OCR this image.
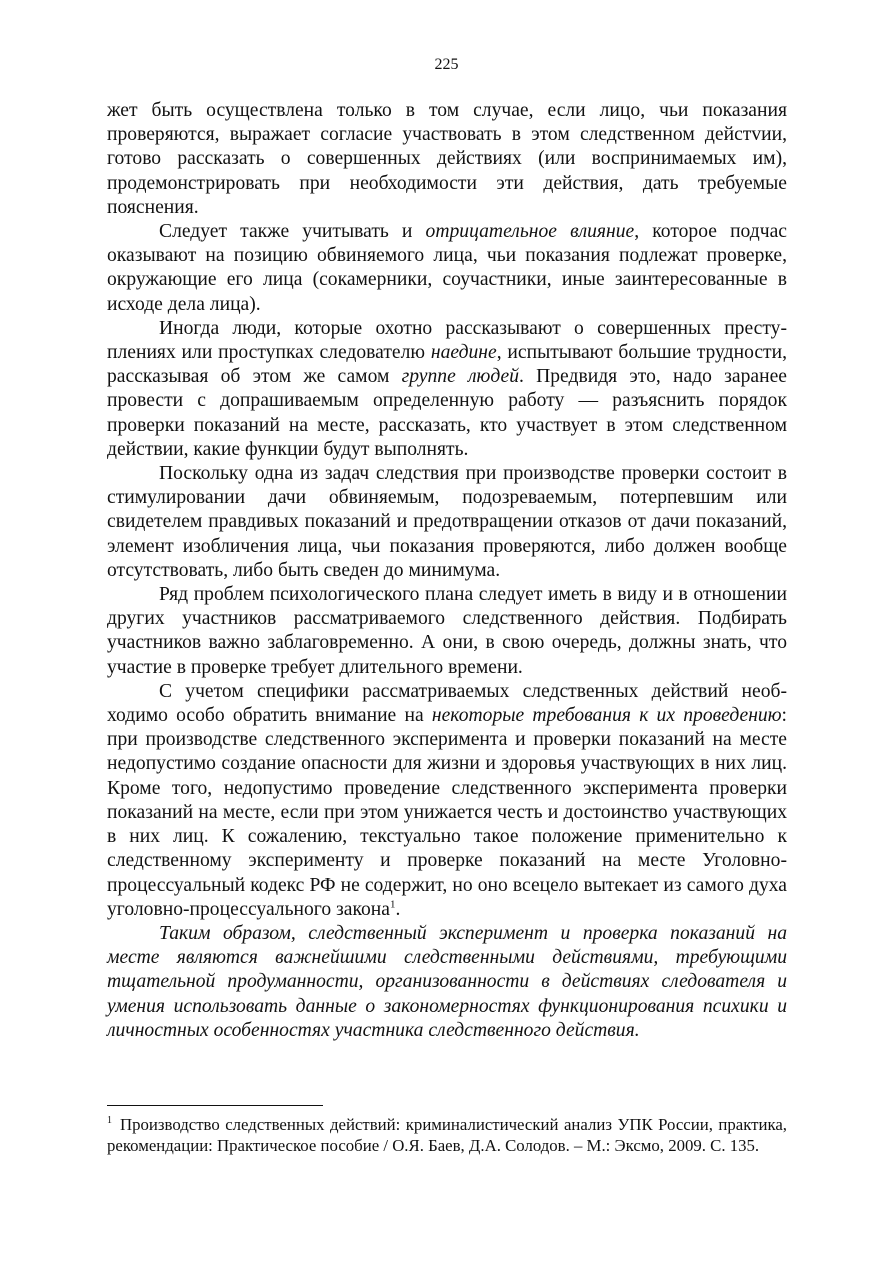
225

жет быть осуществлена только в том случае, если лицо, чьи показания проверяются, выражает согласие участвовать в этом следственном дейстvии, готово рассказать о совершенных действиях (или воспринимаемых им), продемонстрировать при необходимости эти действия, дать требуемые пояснения.

Следует также учитывать и отрицательное влияние, которое подчас оказывают на позицию обвиняемого лица, чьи показания подлежат проверке, окружающие его лица (сокамерники, соучастники, иные заинтересованные в исходе дела лица).

Иногда люди, которые охотно рассказывают о совершенных преступлениях или проступках следователю наедине, испытывают большие трудности, рассказывая об этом же самом группе людей. Предвидя это, надо заранее провести с допрашиваемым определенную работу — разъяснить порядок проверки показаний на месте, рассказать, кто участвует в этом следственном действии, какие функции будут выполнять.

Поскольку одна из задач следствия при производстве проверки состоит в стимулировании дачи обвиняемым, подозреваемым, потерпевшим или свидетелем правдивых показаний и предотвращении отказов от дачи показаний, элемент изобличения лица, чьи показания проверяются, либо должен вообще отсутствовать, либо быть сведен до минимума.

Ряд проблем психологического плана следует иметь в виду и в отношении других участников рассматриваемого следственного действия. Подбирать участников важно заблаговременно. А они, в свою очередь, должны знать, что участие в проверке требует длительного времени.

С учетом специфики рассматриваемых следственных действий необходимо особо обратить внимание на некоторые требования к их проведению: при производстве следственного эксперимента и проверки показаний на месте недопустимо создание опасности для жизни и здоровья участвующих в них лиц. Кроме того, недопустимо проведение следственного эксперимента проверки показаний на месте, если при этом унижается честь и достоинство участвующих в них лиц. К сожалению, текстуально такое положение применительно к следственному эксперименту и проверке показаний на месте Уголовно-процессуальный кодекс РФ не содержит, но оно всецело вытекает из самого духа уголовно-процессуального закона$^1$.

Таким образом, следственный эксперимент и проверка показаний на месте являются важнейшими следственными действиями, требующими тщательной продуманности, организованности в действиях следователя и умения использовать данные о закономерностях функционирования психики и личностных особенностях участника следственного действия.

$^1$ Производство следственных действий: криминалистический анализ УПК России, практика, рекомендации: Практическое пособие / О.Я. Баев, Д.А. Солодов. – М.: Эксмо, 2009. С. 135.
